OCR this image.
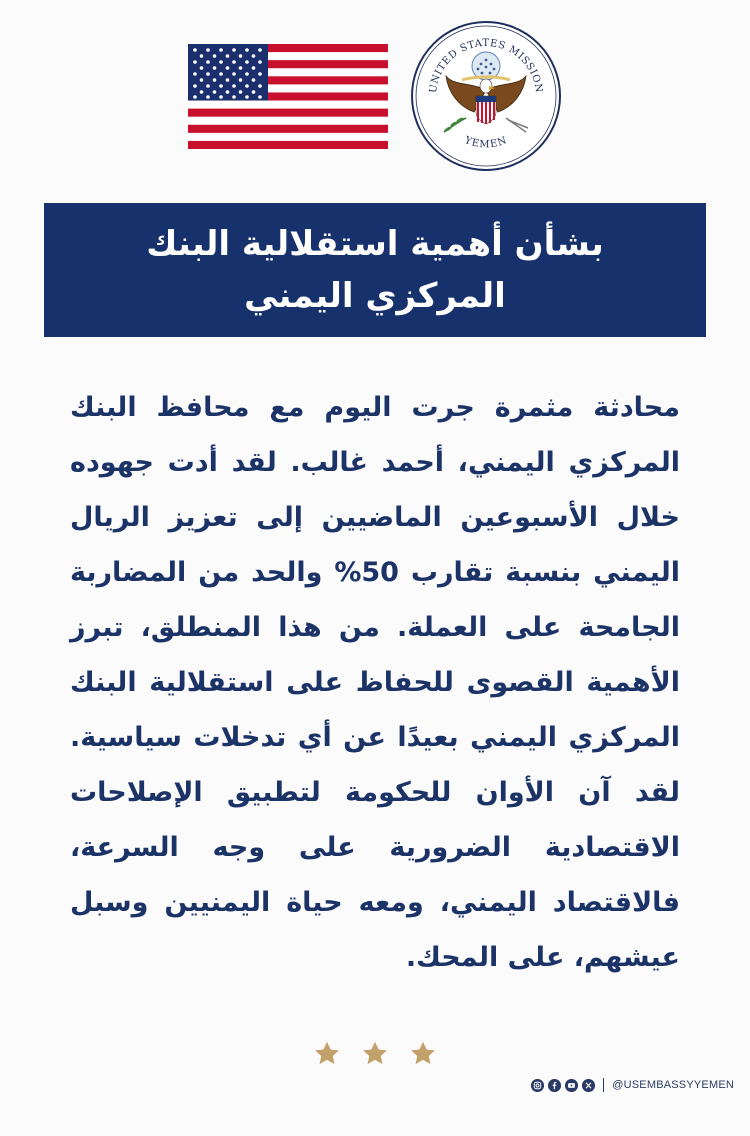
UNITED STATES MISSION
YEMEN
بشأن أهمية استقلالية البنك
المركزي اليمني
محادثة مثمرة جرت اليوم مع محافظ البنك المركزي اليمني، أحمد غالب. لقد أدت جهوده خلال الأسبوعين الماضيين إلى تعزيز الريال اليمني بنسبة تقارب 50% والحد من المضاربة الجامحة على العملة. من هذا المنطلق، تبرز الأهمية القصوى للحفاظ على استقلالية البنك المركزي اليمني بعيدًا عن أي تدخلات سياسية. لقد آن الأوان للحكومة لتطبيق الإصلاحات الاقتصادية الضرورية على وجه السرعة، فالاقتصاد اليمني، ومعه حياة اليمنيين وسبل عيشهم، على المحك.
@USEMBASSYYEMEN
